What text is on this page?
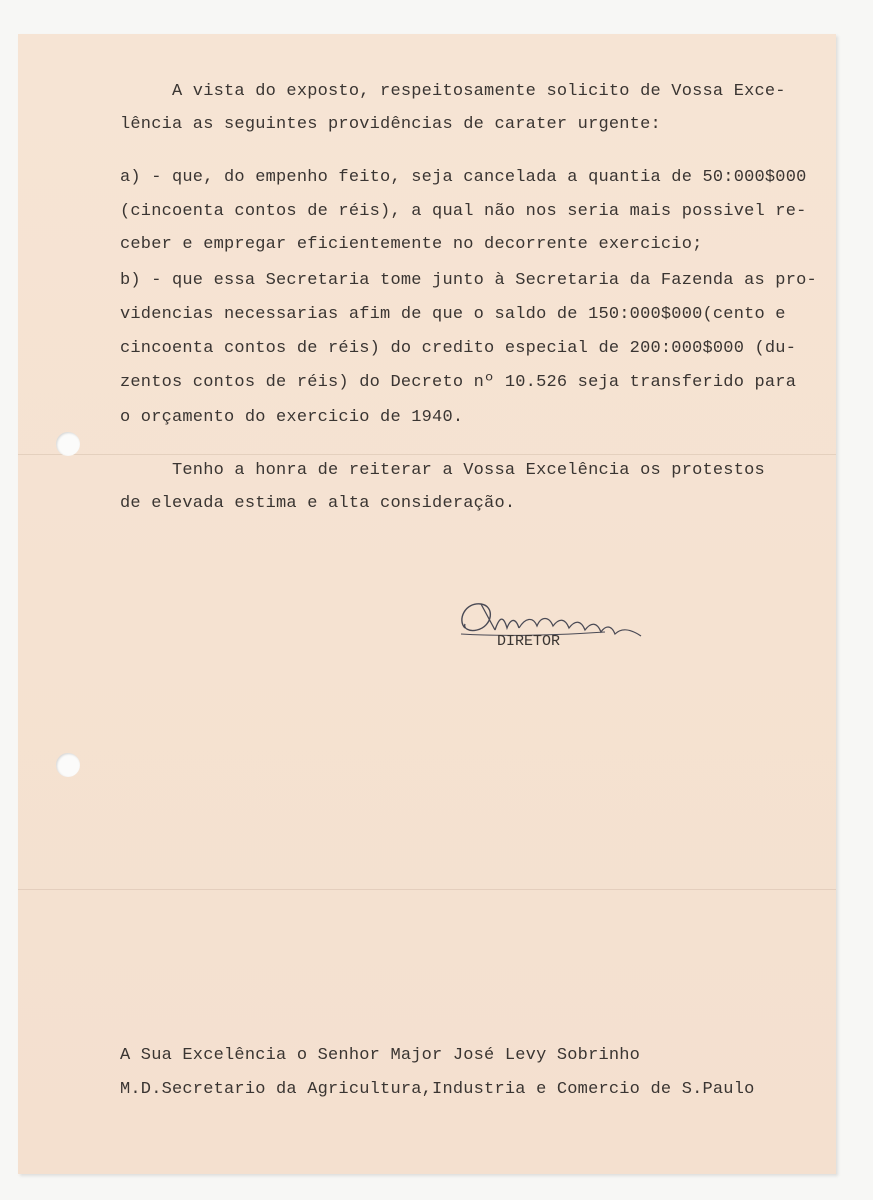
A vista do exposto, respeitosamente solicito de Vossa Exce-
lência as seguintes providências de carater urgente:
a) - que, do empenho feito, seja cancelada a quantia de 50:000$000
(cincoenta contos de réis), a qual não nos seria mais possivel re-
ceber e empregar eficientemente no decorrente exercicio;
b) - que essa Secretaria tome junto à Secretaria da Fazenda as pro-
videncias necessarias afim de que o saldo de 150:000$000(cento e
cincoenta contos de réis) do credito especial de 200:000$000 (du-
zentos contos de réis) do Decreto nº 10.526 seja transferido para
o orçamento do exercicio de 1940.
Tenho a honra de reiterar a Vossa Excelência os protestos
de elevada estima e alta consideração.
A Sua Excelência o Senhor Major José Levy Sobrinho
M.D.Secretario da Agricultura,Industria e Comercio de S.Paulo
DIRETOR
